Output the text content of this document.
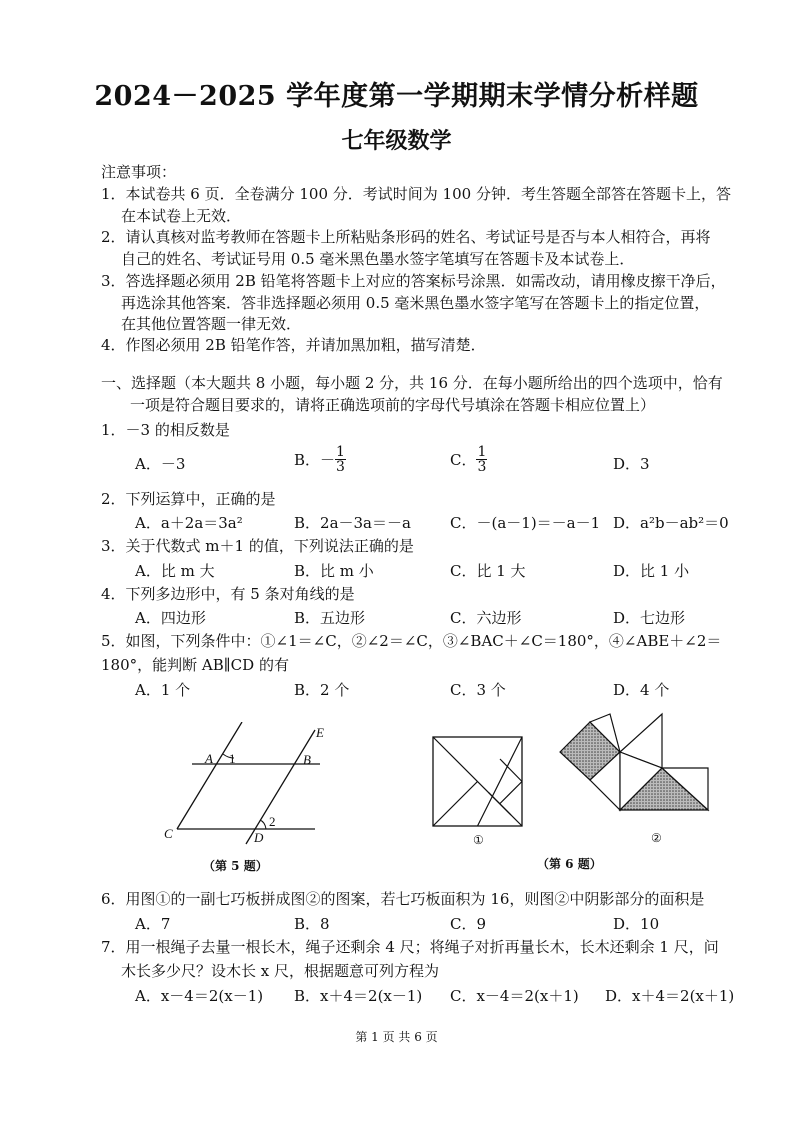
2024－2025 学年度第一学期期末学情分析样题
七年级数学
注意事项：
1．本试卷共 6 页．全卷满分 100 分．考试时间为 100 分钟．考生答题全部答在答题卡上，答
在本试卷上无效．
2．请认真核对监考教师在答题卡上所粘贴条形码的姓名、考试证号是否与本人相符合，再将
自己的姓名、考试证号用 0.5 毫米黑色墨水签字笔填写在答题卡及本试卷上．
3．答选择题必须用 2B 铅笔将答题卡上对应的答案标号涂黑．如需改动，请用橡皮擦干净后，
再选涂其他答案．答非选择题必须用 0.5 毫米黑色墨水签字笔写在答题卡上的指定位置，
在其他位置答题一律无效．
4．作图必须用 2B 铅笔作答，并请加黑加粗，描写清楚．
一、选择题（本大题共 8 小题，每小题 2 分，共 16 分．在每小题所给出的四个选项中，恰有
一项是符合题目要求的，请将正确选项前的字母代号填涂在答题卡相应位置上）
1．－3 的相反数是
A．－3	B．－ $\frac{1}{3}$	C． $\frac{1}{3}$	D．3
2．下列运算中，正确的是
A．a＋2a＝3a²	B．2a－3a＝－a	C．－(a－1)＝－a－1 D．a²b－ab²＝0
3．关于代数式 m＋1 的值，下列说法正确的是
A．比 m 大	B．比 m 小	C．比 1 大	D．比 1 小
4．下列多边形中，有 5 条对角线的是
A．四边形	B．五边形	C．六边形	D．七边形
5．如图，下列条件中：①∠1＝∠C，②∠2＝∠C，③∠BAC＋∠C＝180°，④∠ABE＋∠2＝
180°，能判断 AB∥CD 的有
A．1 个	B．2 个	C．3 个	D．4 个
A 1	B
E
C	D
2
（第 5 题）
①	②
（第 6 题）
6．用图①的一副七巧板拼成图②的图案，若七巧板面积为 16，则图②中阴影部分的面积是
A．7	B．8	C．9	D．10
7．用一根绳子去量一根长木，绳子还剩余 4 尺；将绳子对折再量长木，长木还剩余 1 尺，问
木长多少尺？设木长 x 尺，根据题意可列方程为
A．x－4＝2(x－1) B．x＋4＝2(x－1) C．x－4＝2(x＋1) D．x＋4＝2(x＋1)
第 1 页 共 6 页
